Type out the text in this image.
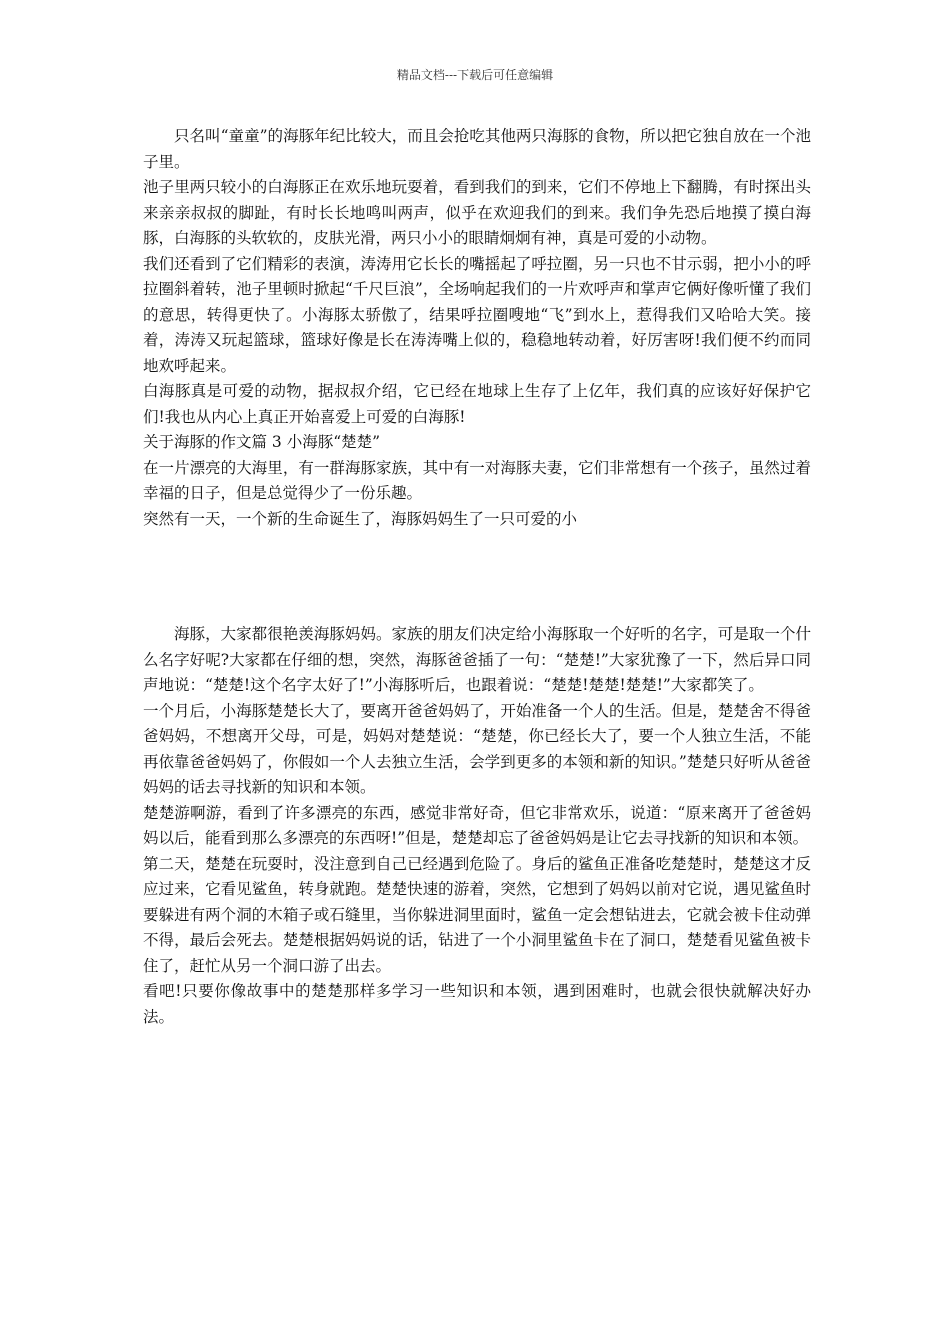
精品文档---下载后可任意编辑

只名叫“童童”的海豚年纪比较大，而且会抢吃其他两只海豚的食物，所以把它独自放在一个池子里。

池子里两只较小的白海豚正在欢乐地玩耍着，看到我们的到来，它们不停地上下翻腾，有时探出头来亲亲叔叔的脚趾，有时长长地鸣叫两声，似乎在欢迎我们的到来。我们争先恐后地摸了摸白海豚，白海豚的头软软的，皮肤光滑，两只小小的眼睛炯炯有神，真是可爱的小动物。

我们还看到了它们精彩的表演，涛涛用它长长的嘴摇起了呼拉圈，另一只也不甘示弱，把小小的呼拉圈斜着转，池子里顿时掀起“千尺巨浪”，全场响起我们的一片欢呼声和掌声它俩好像听懂了我们的意思，转得更快了。小海豚太骄傲了，结果呼拉圈嗖地“飞”到水上，惹得我们又哈哈大笑。接着，涛涛又玩起篮球，篮球好像是长在涛涛嘴上似的，稳稳地转动着，好厉害呀!我们便不约而同地欢呼起来。

白海豚真是可爱的动物，据叔叔介绍，它已经在地球上生存了上亿年，我们真的应该好好保护它们!我也从内心上真正开始喜爱上可爱的白海豚!

关于海豚的作文篇 3 小海豚“楚楚”

在一片漂亮的大海里，有一群海豚家族，其中有一对海豚夫妻，它们非常想有一个孩子，虽然过着幸福的日子，但是总觉得少了一份乐趣。

突然有一天，一个新的生命诞生了，海豚妈妈生了一只可爱的小

海豚，大家都很艳羡海豚妈妈。家族的朋友们决定给小海豚取一个好听的名字，可是取一个什么名字好呢?大家都在仔细的想，突然，海豚爸爸插了一句：“楚楚!”大家犹豫了一下，然后异口同声地说：“楚楚!这个名字太好了!”小海豚听后，也跟着说：“楚楚!楚楚!楚楚!”大家都笑了。

一个月后，小海豚楚楚长大了，要离开爸爸妈妈了，开始准备一个人的生活。但是，楚楚舍不得爸爸妈妈，不想离开父母，可是，妈妈对楚楚说：“楚楚，你已经长大了，要一个人独立生活，不能再依靠爸爸妈妈了，你假如一个人去独立生活，会学到更多的本领和新的知识。”楚楚只好听从爸爸妈妈的话去寻找新的知识和本领。

楚楚游啊游，看到了许多漂亮的东西，感觉非常好奇，但它非常欢乐，说道：“原来离开了爸爸妈妈以后，能看到那么多漂亮的东西呀!”但是，楚楚却忘了爸爸妈妈是让它去寻找新的知识和本领。

第二天，楚楚在玩耍时，没注意到自己已经遇到危险了。身后的鲨鱼正准备吃楚楚时，楚楚这才反应过来，它看见鲨鱼，转身就跑。楚楚快速的游着，突然，它想到了妈妈以前对它说，遇见鲨鱼时要躲进有两个洞的木箱子或石缝里，当你躲进洞里面时，鲨鱼一定会想钻进去，它就会被卡住动弹不得，最后会死去。楚楚根据妈妈说的话，钻进了一个小洞里鲨鱼卡在了洞口，楚楚看见鲨鱼被卡住了，赶忙从另一个洞口游了出去。

看吧!只要你像故事中的楚楚那样多学习一些知识和本领，遇到困难时，也就会很快就解决好办法。
